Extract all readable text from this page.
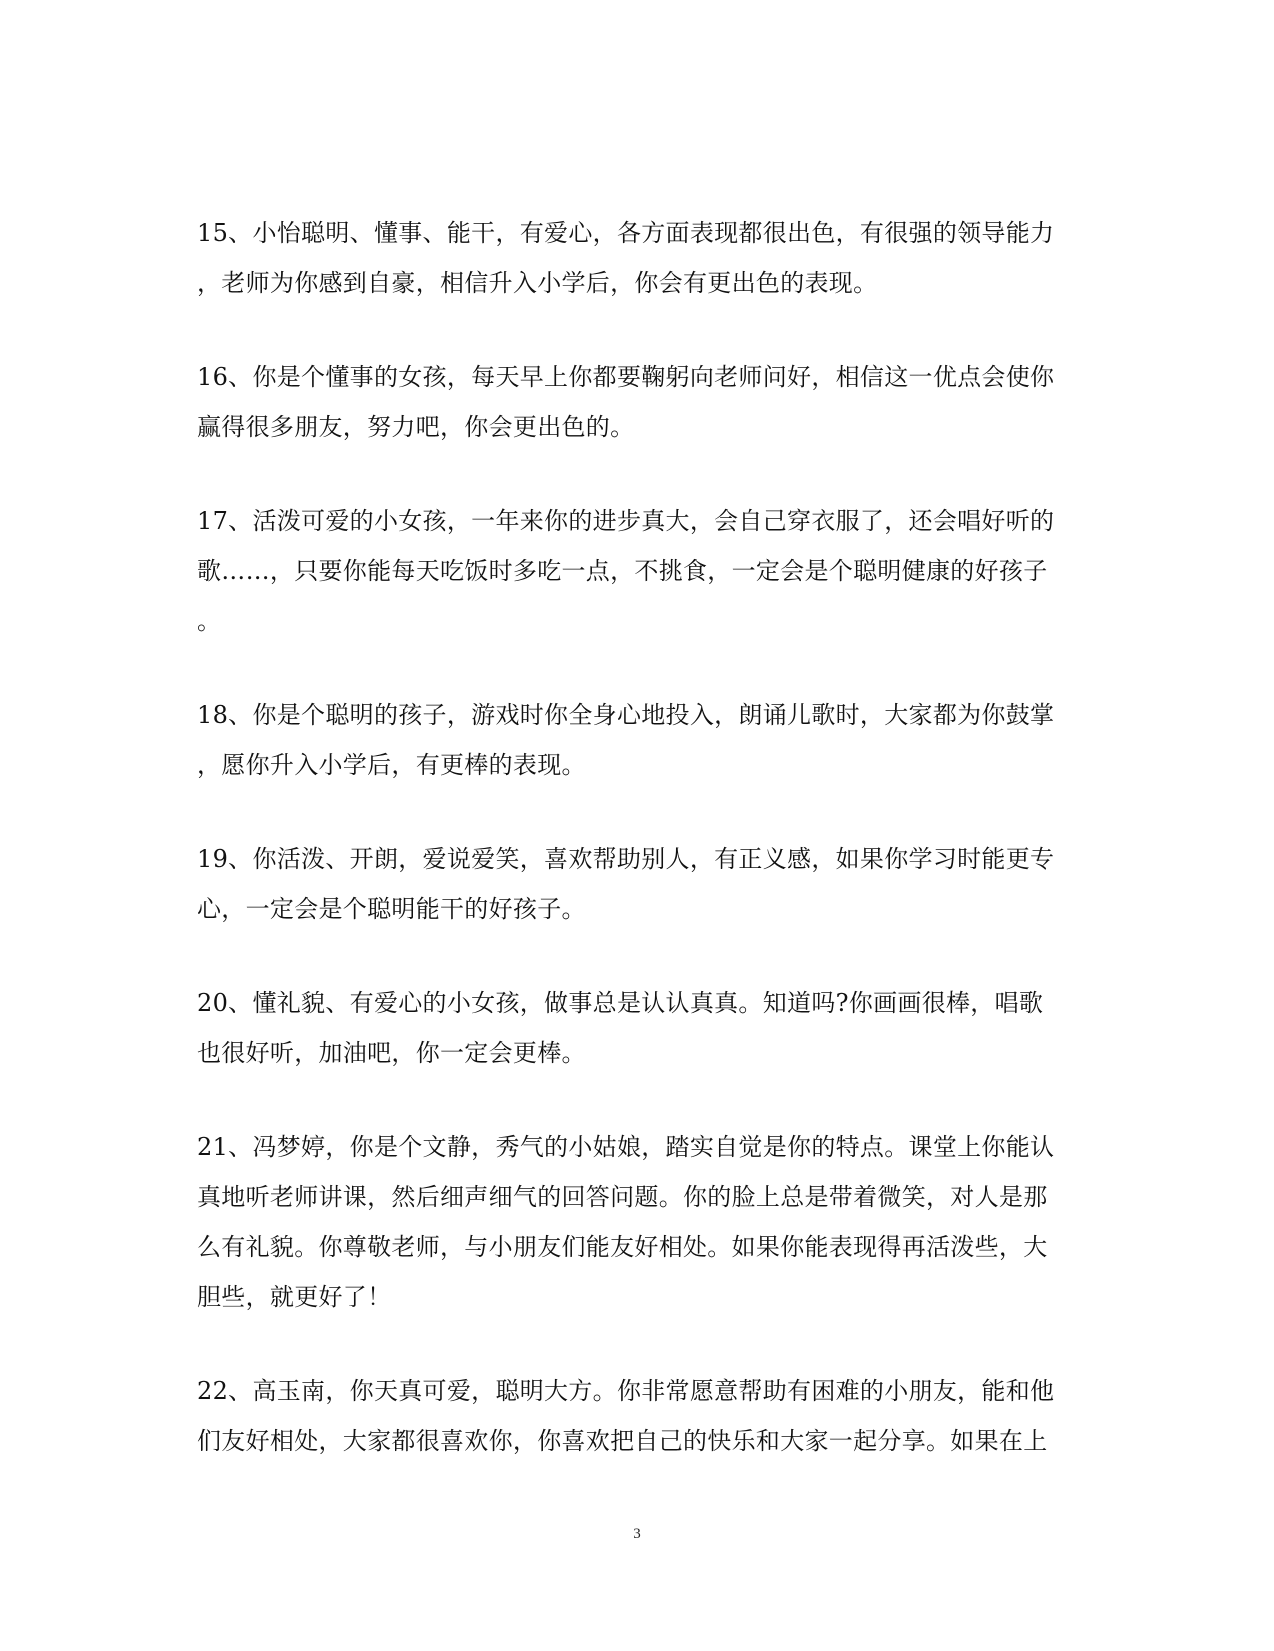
15、小怡聪明、懂事、能干，有爱心，各方面表现都很出色，有很强的领导能力
，老师为你感到自豪，相信升入小学后，你会有更出色的表现。

16、你是个懂事的女孩，每天早上你都要鞠躬向老师问好，相信这一优点会使你
赢得很多朋友，努力吧，你会更出色的。

17、活泼可爱的小女孩，一年来你的进步真大，会自己穿衣服了，还会唱好听的
歌……，只要你能每天吃饭时多吃一点，不挑食，一定会是个聪明健康的好孩子
。

18、你是个聪明的孩子，游戏时你全身心地投入，朗诵儿歌时，大家都为你鼓掌
，愿你升入小学后，有更棒的表现。

19、你活泼、开朗，爱说爱笑，喜欢帮助别人，有正义感，如果你学习时能更专
心，一定会是个聪明能干的好孩子。

20、懂礼貌、有爱心的小女孩，做事总是认认真真。知道吗?你画画很棒，唱歌
也很好听，加油吧，你一定会更棒。

21、冯梦婷，你是个文静，秀气的小姑娘，踏实自觉是你的特点。课堂上你能认
真地听老师讲课，然后细声细气的回答问题。你的脸上总是带着微笑，对人是那
么有礼貌。你尊敬老师，与小朋友们能友好相处。如果你能表现得再活泼些，大
胆些，就更好了！

22、高玉南，你天真可爱，聪明大方。你非常愿意帮助有困难的小朋友，能和他
们友好相处，大家都很喜欢你，你喜欢把自己的快乐和大家一起分享。如果在上

3
